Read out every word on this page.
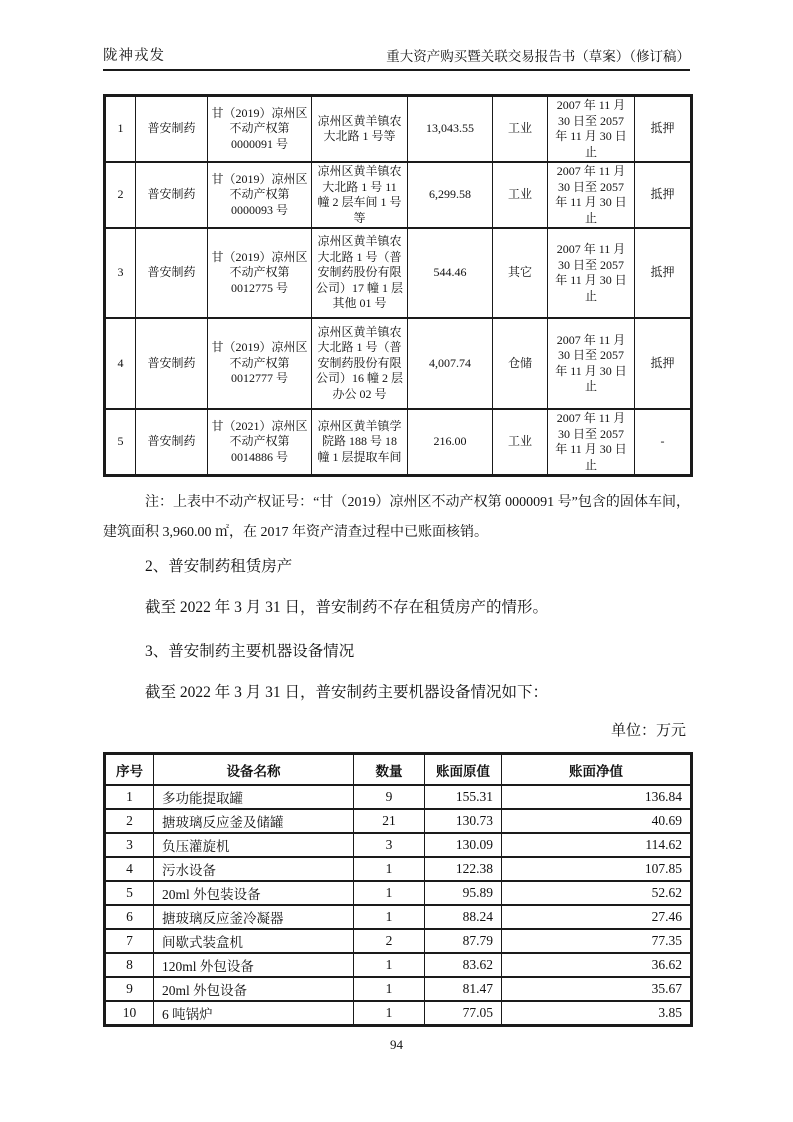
陇神戎发	重大资产购买暨关联交易报告书（草案）（修订稿）
1	普安制药	甘（2019）凉州区不动产权第 0000091 号	凉州区黄羊镇农大北路 1 号等	13,043.55	工业	2007 年 11 月 30 日至 2057 年 11 月 30 日止	抵押
2	普安制药	甘（2019）凉州区不动产权第 0000093 号	凉州区黄羊镇农大北路 1 号 11 幢 2 层车间 1 号等	6,299.58	工业	2007 年 11 月 30 日至 2057 年 11 月 30 日止	抵押
3	普安制药	甘（2019）凉州区不动产权第 0012775 号	凉州区黄羊镇农大北路 1 号（普安制药股份有限公司）17 幢 1 层其他 01 号	544.46	其它	2007 年 11 月 30 日至 2057 年 11 月 30 日止	抵押
4	普安制药	甘（2019）凉州区不动产权第 0012777 号	凉州区黄羊镇农大北路 1 号（普安制药股份有限公司）16 幢 2 层办公 02 号	4,007.74	仓储	2007 年 11 月 30 日至 2057 年 11 月 30 日止	抵押
5	普安制药	甘（2021）凉州区不动产权第 0014886 号	凉州区黄羊镇学院路 188 号 18 幢 1 层提取车间	216.00	工业	2007 年 11 月 30 日至 2057 年 11 月 30 日止	-
注：上表中不动产权证号：“甘（2019）凉州区不动产权第 0000091 号”包含的固体车间，建筑面积 3,960.00 ㎡，在 2017 年资产清查过程中已账面核销。
2、普安制药租赁房产
截至 2022 年 3 月 31 日，普安制药不存在租赁房产的情形。
3、普安制药主要机器设备情况
截至 2022 年 3 月 31 日，普安制药主要机器设备情况如下：
单位：万元
序号	设备名称	数量	账面原值	账面净值
1	多功能提取罐	9	155.31	136.84
2	搪玻璃反应釜及储罐	21	130.73	40.69
3	负压灌旋机	3	130.09	114.62
4	污水设备	1	122.38	107.85
5	20ml 外包装设备	1	95.89	52.62
6	搪玻璃反应釜冷凝器	1	88.24	27.46
7	间歇式装盒机	2	87.79	77.35
8	120ml 外包设备	1	83.62	36.62
9	20ml 外包设备	1	81.47	35.67
10	6 吨锅炉	1	77.05	3.85
94
